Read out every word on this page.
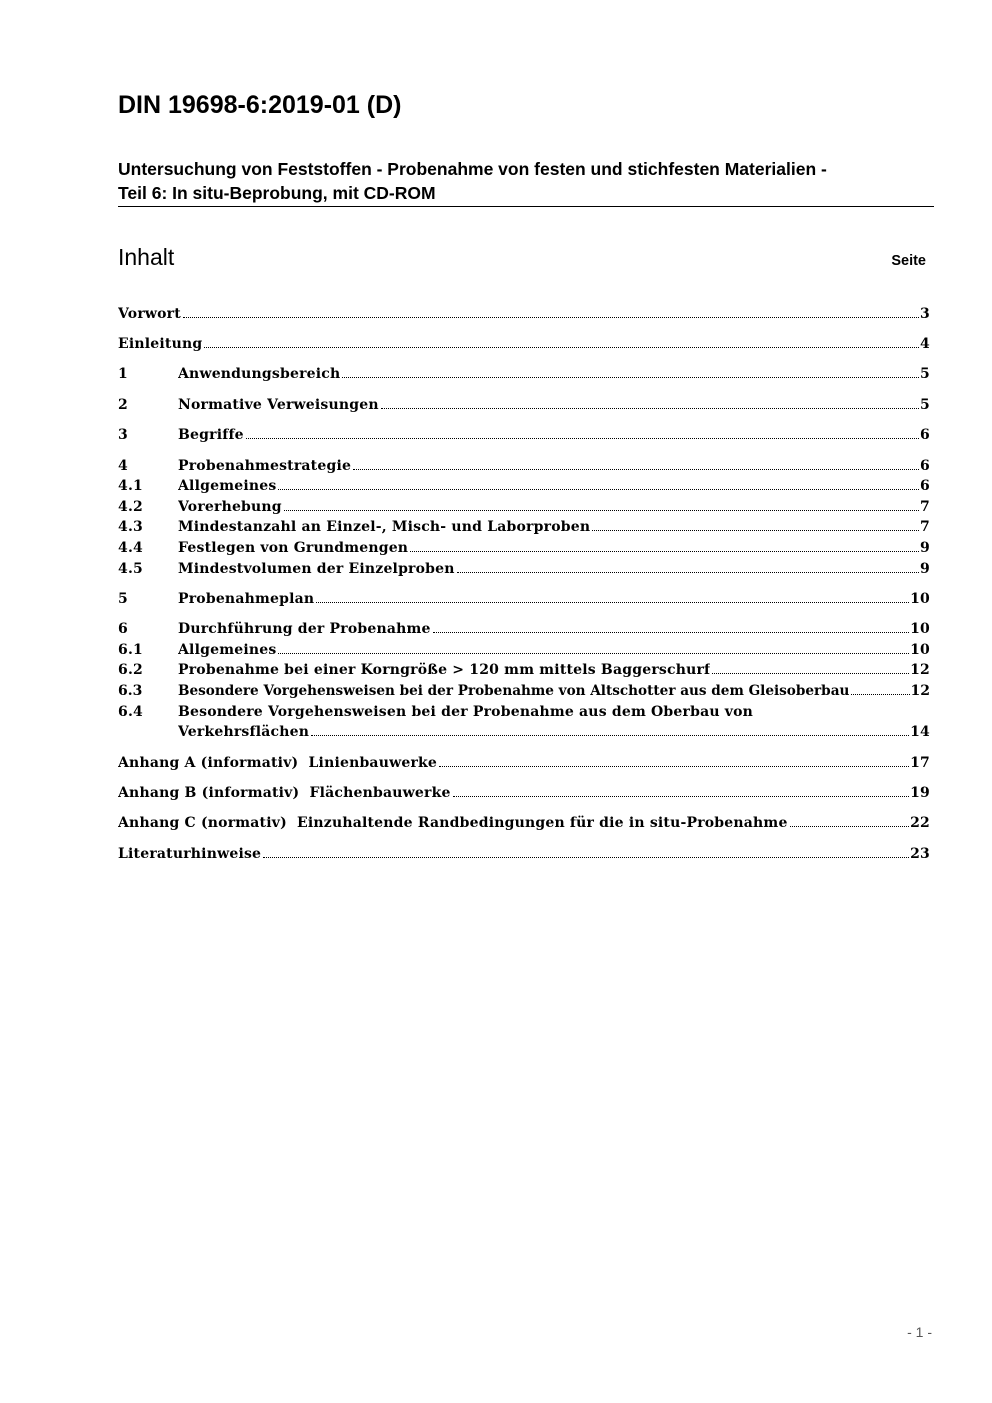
DIN 19698-6:2019-01 (D)
Untersuchung von Feststoffen - Probenahme von festen und stichfesten Materialien -
Teil 6: In situ-Beprobung, mit CD-ROM
Inhalt	Seite
Vorwort	3
Einleitung	4
1	Anwendungsbereich	5
2	Normative Verweisungen	5
3	Begriffe	6
4	Probenahmestrategie	6
4.1	Allgemeines	6
4.2	Vorerhebung	7
4.3	Mindestanzahl an Einzel-, Misch- und Laborproben	7
4.4	Festlegen von Grundmengen	9
4.5	Mindestvolumen der Einzelproben	9
5	Probenahmeplan	10
6	Durchführung der Probenahme	10
6.1	Allgemeines	10
6.2	Probenahme bei einer Korngröße > 120 mm mittels Baggerschurf	12
6.3	Besondere Vorgehensweisen bei der Probenahme von Altschotter aus dem Gleisoberbau	12
6.4	Besondere Vorgehensweisen bei der Probenahme aus dem Oberbau von
Verkehrsflächen	14
Anhang A (informativ)  Linienbauwerke	17
Anhang B (informativ)  Flächenbauwerke	19
Anhang C (normativ)  Einzuhaltende Randbedingungen für die in situ-Probenahme	22
Literaturhinweise	23
- 1 -
